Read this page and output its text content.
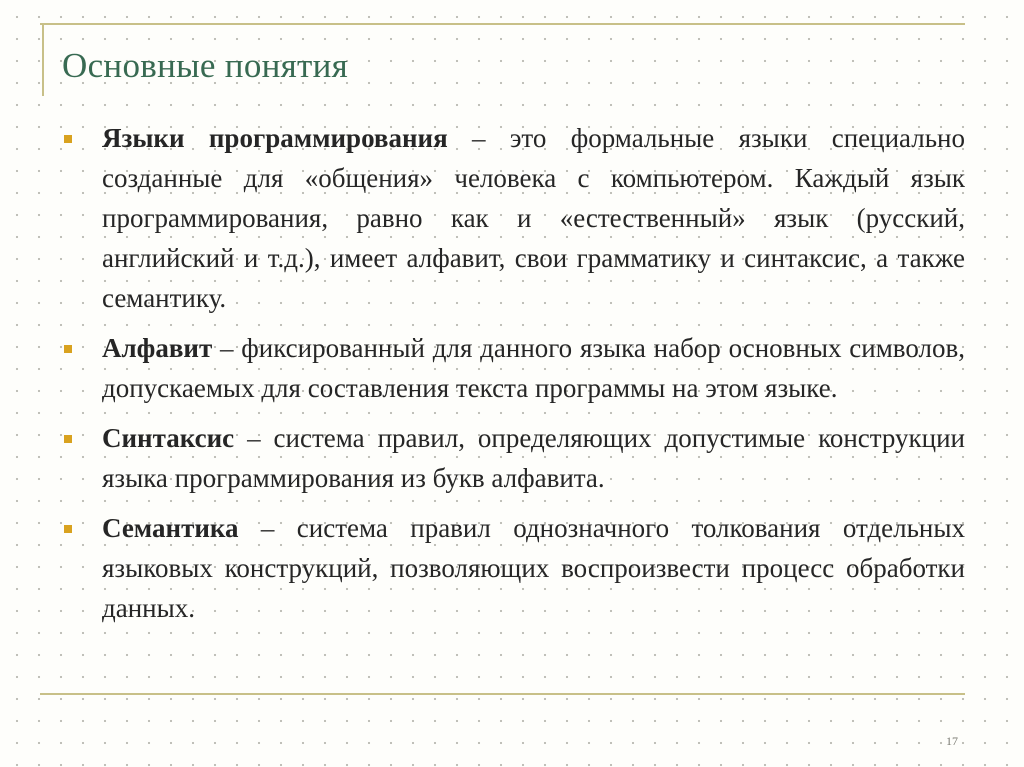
Основные понятия
Языки программирования – это формальные языки специально созданные для «общения» человека с компьютером. Каждый язык программирования, равно как и «естественный» язык (русский, английский и т.д.), имеет алфавит, свои грамматику и синтаксис, а также семантику.
Алфавит – фиксированный для данного языка набор основных символов, допускаемых для составления текста программы на этом языке.
Синтаксис – система правил, определяющих допустимые конструкции языка программирования из букв алфавита.
Семантика – система правил однозначного толкования отдельных языковых конструкций, позволяющих воспроизвести процесс обработки данных.
17
